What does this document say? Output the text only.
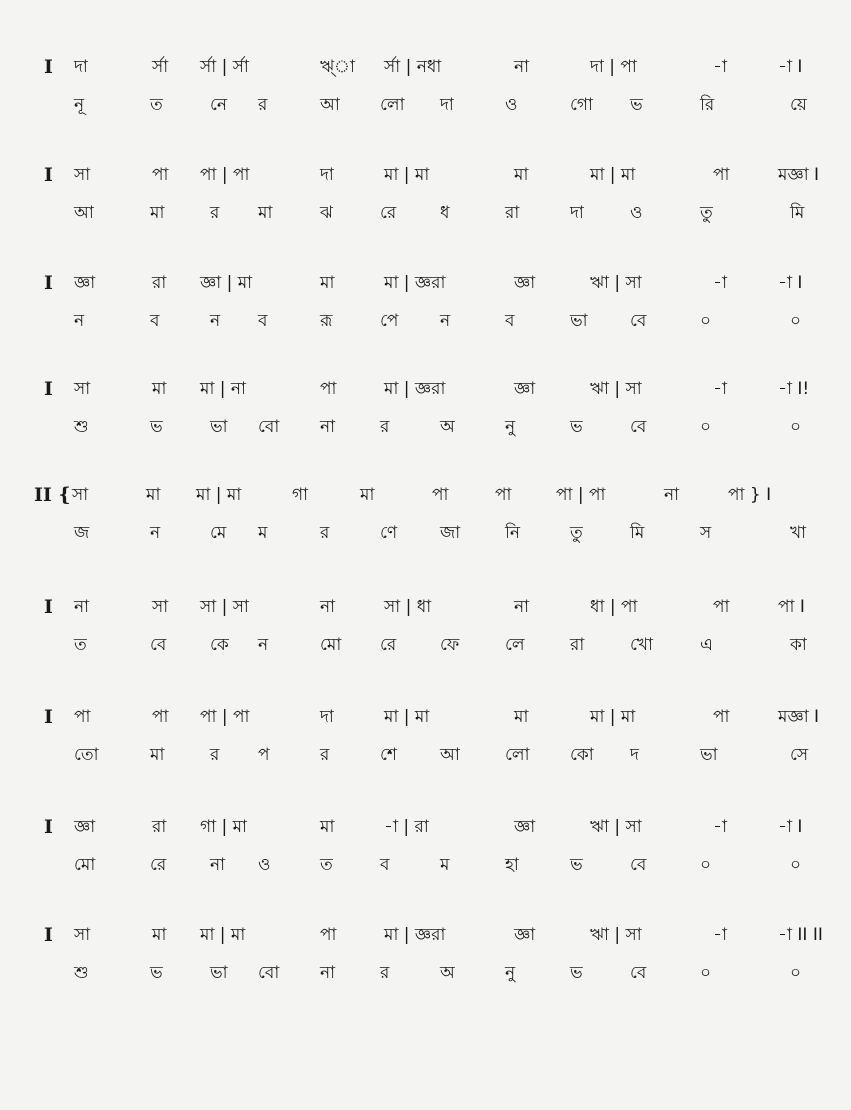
I দা	র্সা র্সা | র্সা	ঋ্া র্সা | নধা	না	দা | পা	-া	-া I
নূ	ত	নে র	আ লো দা	ও	গো ভ	রি	য়ে
I সা	পা পা | পা	দা	মা | মা	মা	মা | মা	পা	মজ্ঞা I
আ	মা	র মা	ঝ	রে	ধ	রা	দা	ও	তু	মি
I জ্ঞা	রা জ্ঞা | মা	মা	মা | জ্ঞরা	জ্ঞা	ঋা | সা	-া	-া I
ন	ব	ন ব	রূ	পে ন	ব	ভা বে	০	০
I সা	মা মা | না	পা	মা | জ্ঞরা	জ্ঞা	ঋা | সা	-া	-া I!
শু	ভ	ভা বো না	র	অ	নু	ভ	বে	০	০
II { সা	মা মা | মা	গা	মা	পা	পা	পা | পা	না	পা } I
জ	ন	মে ম	র	ণে	জা	নি	তু	মি	স	খা
I না	সা সা | সা	না	সা | ধা	না	ধা | পা	পা	পা I
ত	বে	কে ন	মো রে	ফে	লে	রা	খো	এ	কা
I পা	পা পা | পা	দা	মা | মা	মা	মা | মা	পা	মজ্ঞা I
তো	মা	র প	র	শে	আ	লো কো দ	ভা	সে
I জ্ঞা	রা গা | মা	মা	-া | রা	জ্ঞা	ঋা | সা	-া	-া I
মো	রে	না ও	ত	ব	ম	হা	ভ	বে	০	০
I সা	মা মা | মা	পা	মা | জ্ঞরা	জ্ঞা	ঋা | সা	-া	-া II II
শু	ভ	ভা বো না	র	অ	নু	ভ	বে	০	০
